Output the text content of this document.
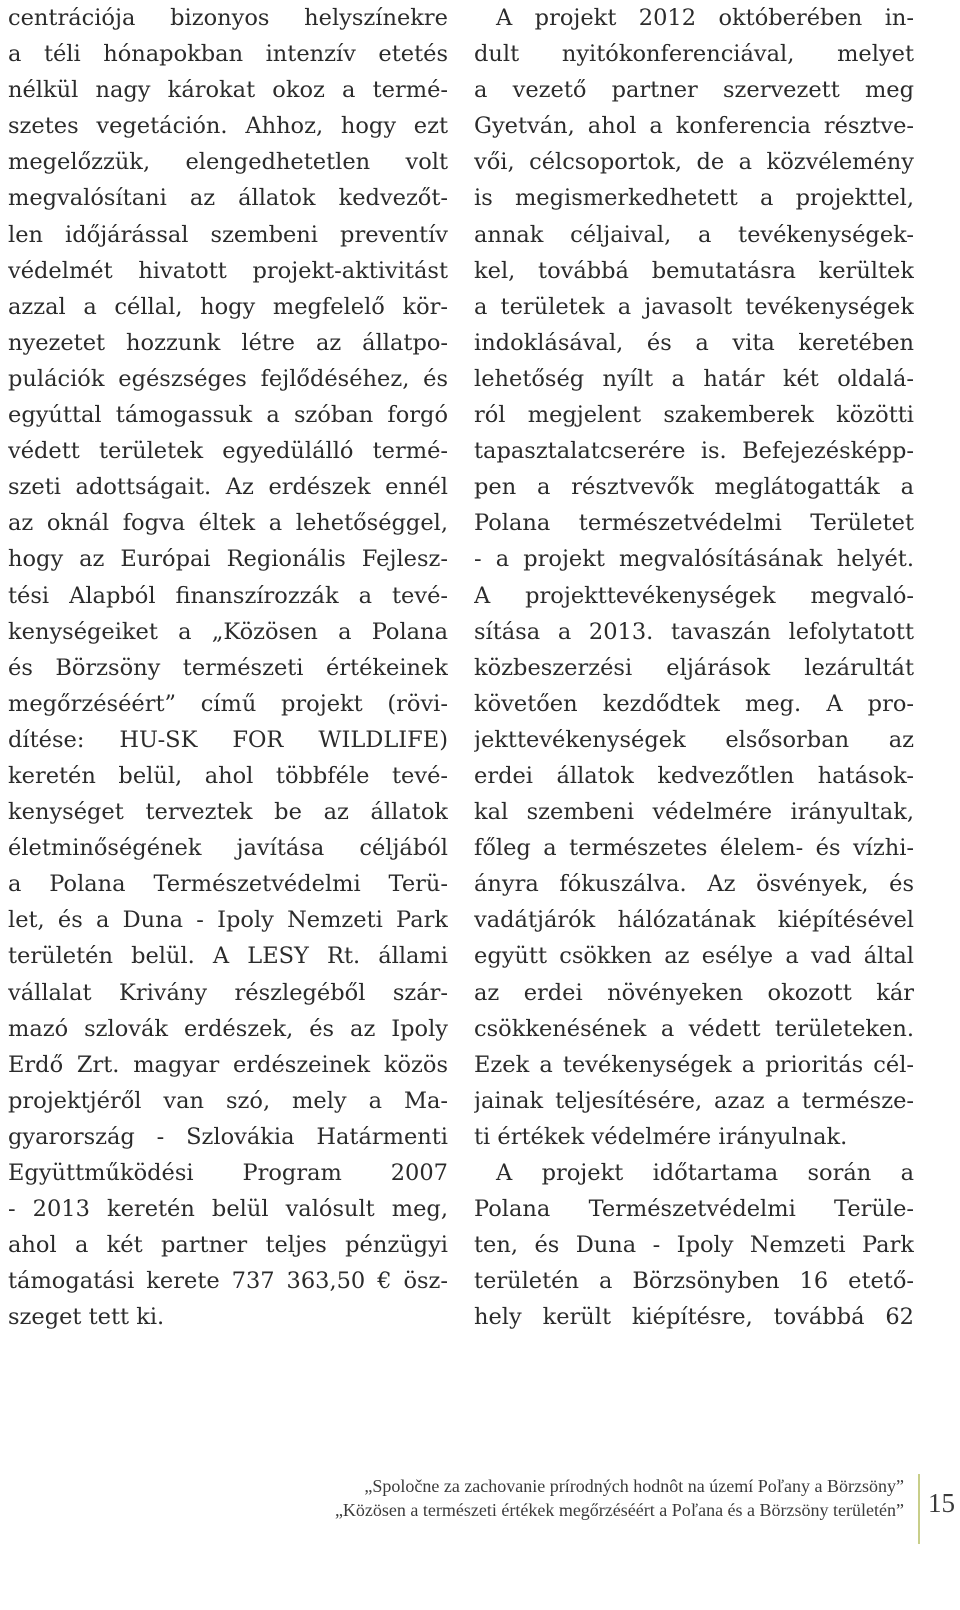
centrációja bizonyos helyszínekre
a téli hónapokban intenzív etetés
nélkül nagy károkat okoz a termé-
szetes vegetáción. Ahhoz, hogy ezt
megelőzzük, elengedhetetlen volt
megvalósítani az állatok kedvezőt-
len időjárással szembeni preventív
védelmét hivatott projekt-aktivitást
azzal a céllal, hogy megfelelő kör-
nyezetet hozzunk létre az állatpo-
pulációk egészséges fejlődéséhez, és
egyúttal támogassuk a szóban forgó
védett területek egyedülálló termé-
szeti adottságait. Az erdészek ennél
az oknál fogva éltek a lehetőséggel,
hogy az Európai Regionális Fejlesz-
tési Alapból finanszírozzák a tevé-
kenységeiket a „Közösen a Polana
és Börzsöny természeti értékeinek
megőrzéséért” című projekt (rövi-
dítése: HU-SK FOR WILDLIFE)
keretén belül, ahol többféle tevé-
kenységet terveztek be az állatok
életminőségének javítása céljából
a Polana Természetvédelmi Terü-
let, és a Duna - Ipoly Nemzeti Park
területén belül. A LESY Rt. állami
vállalat Krivány részlegéből szár-
mazó szlovák erdészek, és az Ipoly
Erdő Zrt. magyar erdészeinek közös
projektjéről van szó, mely a Ma-
gyarország - Szlovákia Határmenti
Együttműködési Program 2007
- 2013 keretén belül valósult meg,
ahol a két partner teljes pénzügyi
támogatási kerete 737 363,50 € ösz-
szeget tett ki.
A projekt 2012 októberében in-
dult nyitókonferenciával, melyet
a vezető partner szervezett meg
Gyetván, ahol a konferencia résztve-
vői, célcsoportok, de a közvélemény
is megismerkedhetett a projekttel,
annak céljaival, a tevékenységek-
kel, továbbá bemutatásra kerültek
a területek a javasolt tevékenységek
indoklásával, és a vita keretében
lehetőség nyílt a határ két oldalá-
ról megjelent szakemberek közötti
tapasztalatcserére is. Befejezésképp-
pen a résztvevők meglátogatták a
Polana természetvédelmi Területet
- a projekt megvalósításának helyét.
A projekttevékenységek megvaló-
sítása a 2013. tavaszán lefolytatott
közbeszerzési eljárások lezárultát
követően kezdődtek meg. A pro-
jekttevékenységek elsősorban az
erdei állatok kedvezőtlen hatások-
kal szembeni védelmére irányultak,
főleg a természetes élelem- és vízhi-
ányra fókuszálva. Az ösvények, és
vadátjárók hálózatának kiépítésével
együtt csökken az esélye a vad által
az erdei növényeken okozott kár
csökkenésének a védett területeken.
Ezek a tevékenységek a prioritás cél-
jainak teljesítésére, azaz a természe-
ti értékek védelmére irányulnak.
A projekt időtartama során a
Polana Természetvédelmi Terüle-
ten, és Duna - Ipoly Nemzeti Park
területén a Börzsönyben 16 etető-
hely került kiépítésre, továbbá 62
„Spoločne za zachovanie prírodných hodnôt na území Poľany a Börzsöny”
„Közösen a természeti értékek megőrzéséért a Poľana és a Börzsöny területén” 15
